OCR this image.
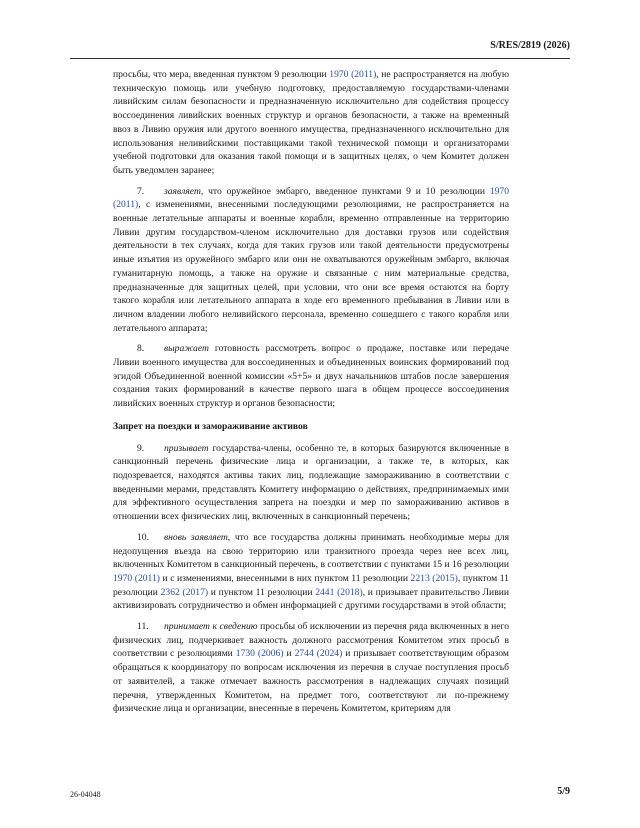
S/RES/2819 (2026)

просьбы, что мера, введенная пунктом 9 резолюции 1970 (2011), не распространяется на любую техническую помощь или учебную подготовку, предоставляемую государствами-членами ливийским силам безопасности и предназначенную исключительно для содействия процессу воссоединения ливийских военных структур и органов безопасности, а также на временный ввоз в Ливию оружия или другого военного имущества, предназначенного исключительно для использования неливийскими поставщиками такой технической помощи и организаторами учебной подготовки для оказания такой помощи и в защитных целях, о чем Комитет должен быть уведомлен заранее;

7. заявляет, что оружейное эмбарго, введенное пунктами 9 и 10 резолюции 1970 (2011), с изменениями, внесенными последующими резолюциями, не распространяется на военные летательные аппараты и военные корабли, временно отправленные на территорию Ливии другим государством-членом исключительно для доставки грузов или содействия деятельности в тех случаях, когда для таких грузов или такой деятельности предусмотрены иные изъятия из оружейного эмбарго или они не охватываются оружейным эмбарго, включая гуманитарную помощь, а также на оружие и связанные с ним материальные средства, предназначенные для защитных целей, при условии, что они все время остаются на борту такого корабля или летательного аппарата в ходе его временного пребывания в Ливии или в личном владении любого неливийского персонала, временно сошедшего с такого корабля или летательного аппарата;

8. выражает готовность рассмотреть вопрос о продаже, поставке или передаче Ливии военного имущества для воссоединенных и объединенных воинских формирований под эгидой Объединенной военной комиссии «5+5» и двух начальников штабов после завершения создания таких формирований в качестве первого шага в общем процессе воссоединения ливийских военных структур и органов безопасности;

Запрет на поездки и замораживание активов

9. призывает государства-члены, особенно те, в которых базируются включенные в санкционный перечень физические лица и организации, а также те, в которых, как подозревается, находятся активы таких лиц, подлежащие замораживанию в соответствии с введенными мерами, представлять Комитету информацию о действиях, предпринимаемых ими для эффективного осуществления запрета на поездки и мер по замораживанию активов в отношении всех физических лиц, включенных в санкционный перечень;

10. вновь заявляет, что все государства должны принимать необходимые меры для недопущения въезда на свою территорию или транзитного проезда через нее всех лиц, включенных Комитетом в санкционный перечень, в соответствии с пунктами 15 и 16 резолюции 1970 (2011) и с изменениями, внесенными в них пунктом 11 резолюции 2213 (2015), пунктом 11 резолюции 2362 (2017) и пунктом 11 резолюции 2441 (2018), и призывает правительство Ливии активизировать сотрудничество и обмен информацией с другими государствами в этой области;

11. принимает к сведению просьбы об исключении из перечня ряда включенных в него физических лиц, подчеркивает важность должного рассмотрения Комитетом этих просьб в соответствии с резолюциями 1730 (2006) и 2744 (2024) и призывает соответствующим образом обращаться к координатору по вопросам исключения из перечня в случае поступления просьб от заявителей, а также отмечает важность рассмотрения в надлежащих случаях позиций перечня, утвержденных Комитетом, на предмет того, соответствуют ли по-прежнему физические лица и организации, внесенные в перечень Комитетом, критериям для

26-04048	5/9
